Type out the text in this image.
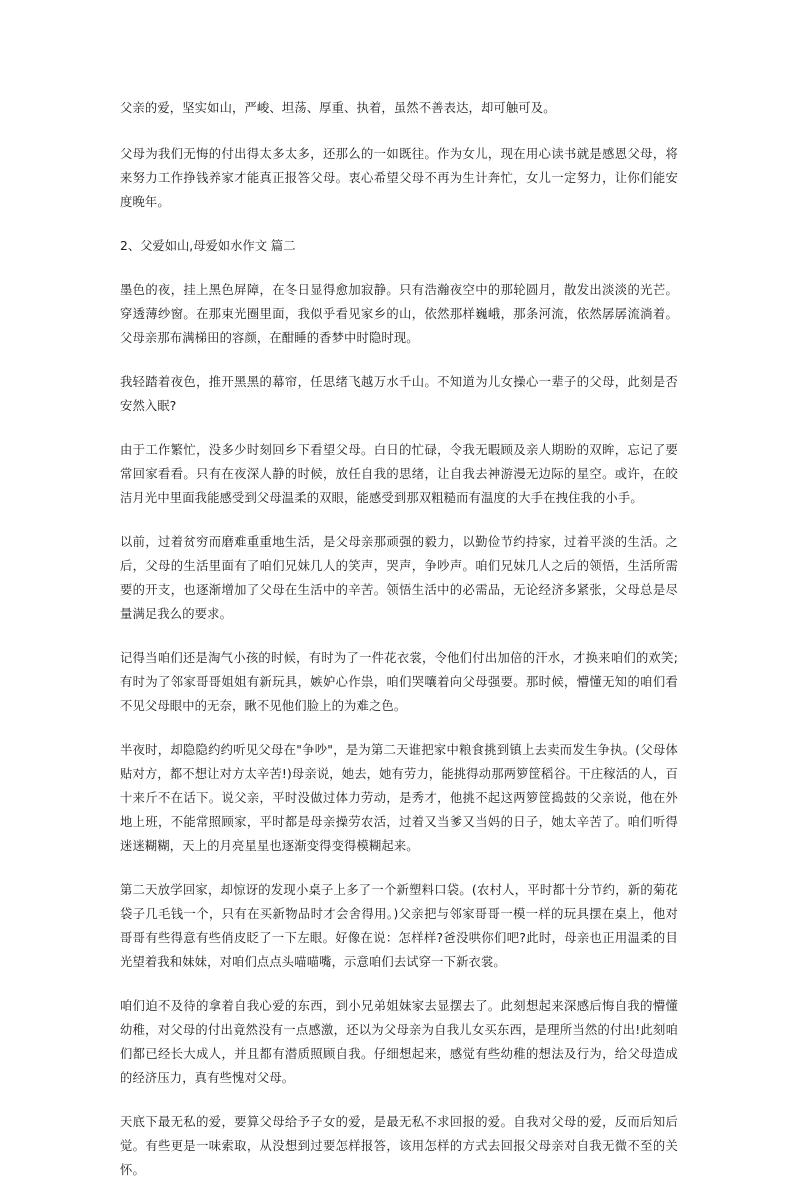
父亲的爱，坚实如山，严峻、坦荡、厚重、执着，虽然不善表达，却可触可及。

父母为我们无悔的付出得太多太多，还那么的一如既往。作为女儿，现在用心读书就是感恩父母，将来努力工作挣钱养家才能真正报答父母。衷心希望父母不再为生计奔忙，女儿一定努力，让你们能安度晚年。

2、父爱如山,母爱如水作文 篇二

墨色的夜，挂上黑色屏障，在冬日显得愈加寂静。只有浩瀚夜空中的那轮圆月，散发出淡淡的光芒。穿透薄纱窗。在那束光圈里面，我似乎看见家乡的山，依然那样巍峨，那条河流，依然孱孱流淌着。父母亲那布满梯田的容颜，在酣睡的香梦中时隐时现。

我轻踏着夜色，推开黑黑的幕帘，任思绪飞越万水千山。不知道为儿女操心一辈子的父母，此刻是否安然入眠?

由于工作繁忙，没多少时刻回乡下看望父母。白日的忙碌，令我无暇顾及亲人期盼的双眸，忘记了要常回家看看。只有在夜深人静的时候，放任自我的思绪，让自我去神游漫无边际的星空。或许，在皎洁月光中里面我能感受到父母温柔的双眼，能感受到那双粗糙而有温度的大手在拽住我的小手。

以前，过着贫穷而磨难重重地生活，是父母亲那顽强的毅力，以勤俭节约持家，过着平淡的生活。之后，父母的生活里面有了咱们兄妹几人的笑声，哭声，争吵声。咱们兄妹几人之后的领悟，生活所需要的开支，也逐渐增加了父母在生活中的辛苦。领悟生活中的必需品，无论经济多紧张，父母总是尽量满足我么的要求。

记得当咱们还是淘气小孩的时候，有时为了一件花衣裳，令他们付出加倍的汗水，才换来咱们的欢笑;有时为了邻家哥哥姐姐有新玩具，嫉妒心作祟，咱们哭嚷着向父母强要。那时候，懵懂无知的咱们看不见父母眼中的无奈，瞅不见他们脸上的为难之色。

半夜时，却隐隐约约听见父母在"争吵"，是为第二天谁把家中粮食挑到镇上去卖而发生争执。(父母体贴对方，都不想让对方太辛苦!)母亲说，她去，她有劳力，能挑得动那两箩筐稻谷。干庄稼活的人，百十来斤不在话下。说父亲，平时没做过体力劳动，是秀才，他挑不起这两箩筐捣鼓的父亲说，他在外地上班，不能常照顾家，平时都是母亲操劳农活，过着又当爹又当妈的日子，她太辛苦了。咱们听得迷迷糊糊，天上的月亮星星也逐渐变得变得模糊起来。

第二天放学回家，却惊讶的发现小桌子上多了一个新塑料口袋。(农村人，平时都十分节约，新的菊花袋子几毛钱一个，只有在买新物品时才会舍得用。)父亲把与邻家哥哥一模一样的玩具摆在桌上，他对哥哥有些得意有些俏皮眨了一下左眼。好像在说：怎样样?爸没哄你们吧?此时，母亲也正用温柔的目光望着我和妹妹，对咱们点点头喵喵嘴，示意咱们去试穿一下新衣裳。

咱们迫不及待的拿着自我心爱的东西，到小兄弟姐妹家去显摆去了。此刻想起来深感后悔自我的懵懂幼稚，对父母的付出竟然没有一点感激，还以为父母亲为自我儿女买东西，是理所当然的付出!此刻咱们都已经长大成人，并且都有潜质照顾自我。仔细想起来，感觉有些幼稚的想法及行为，给父母造成的经济压力，真有些愧对父母。

天底下最无私的爱，要算父母给予子女的爱，是最无私不求回报的爱。自我对父母的爱，反而后知后觉。有些更是一味索取，从没想到过要怎样报答，该用怎样的方式去回报父母亲对自我无微不至的关怀。
